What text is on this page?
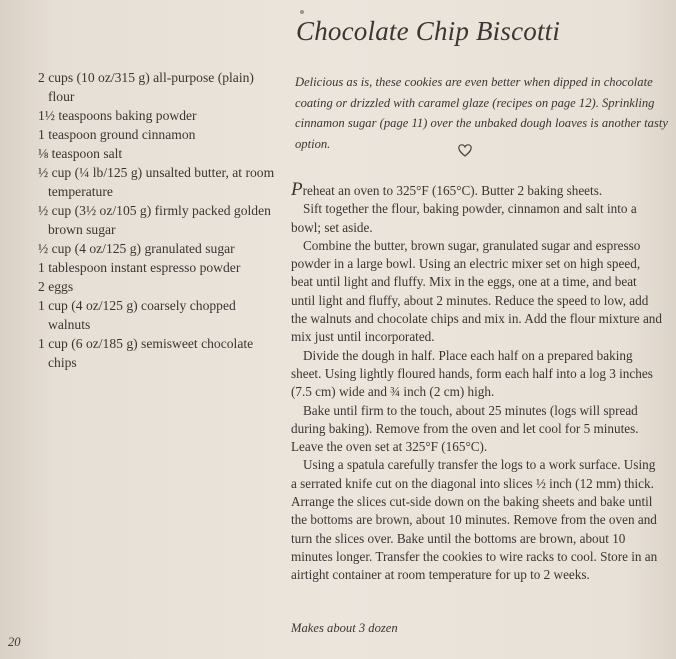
Chocolate Chip Biscotti
2 cups (10 oz/315 g) all-purpose (plain) flour
1½ teaspoons baking powder
1 teaspoon ground cinnamon
⅛ teaspoon salt
½ cup (¼ lb/125 g) unsalted butter, at room temperature
½ cup (3½ oz/105 g) firmly packed golden brown sugar
½ cup (4 oz/125 g) granulated sugar
1 tablespoon instant espresso powder
2 eggs
1 cup (4 oz/125 g) coarsely chopped walnuts
1 cup (6 oz/185 g) semisweet chocolate chips
Delicious as is, these cookies are even better when dipped in chocolate coating or drizzled with caramel glaze (recipes on page 12). Sprinkling cinnamon sugar (page 11) over the unbaked dough loaves is another tasty option.
Preheat an oven to 325°F (165°C). Butter 2 baking sheets.
Sift together the flour, baking powder, cinnamon and salt into a bowl; set aside.
Combine the butter, brown sugar, granulated sugar and espresso powder in a large bowl. Using an electric mixer set on high speed, beat until light and fluffy. Mix in the eggs, one at a time, and beat until light and fluffy, about 2 minutes. Reduce the speed to low, add the walnuts and chocolate chips and mix in. Add the flour mixture and mix just until incorporated.
Divide the dough in half. Place each half on a prepared baking sheet. Using lightly floured hands, form each half into a log 3 inches (7.5 cm) wide and ¾ inch (2 cm) high.
Bake until firm to the touch, about 25 minutes (logs will spread during baking). Remove from the oven and let cool for 5 minutes. Leave the oven set at 325°F (165°C).
Using a spatula carefully transfer the logs to a work surface. Using a serrated knife cut on the diagonal into slices ½ inch (12 mm) thick. Arrange the slices cut-side down on the baking sheets and bake until the bottoms are brown, about 10 minutes. Remove from the oven and turn the slices over. Bake until the bottoms are brown, about 10 minutes longer. Transfer the cookies to wire racks to cool. Store in an airtight container at room temperature for up to 2 weeks.
Makes about 3 dozen
20
